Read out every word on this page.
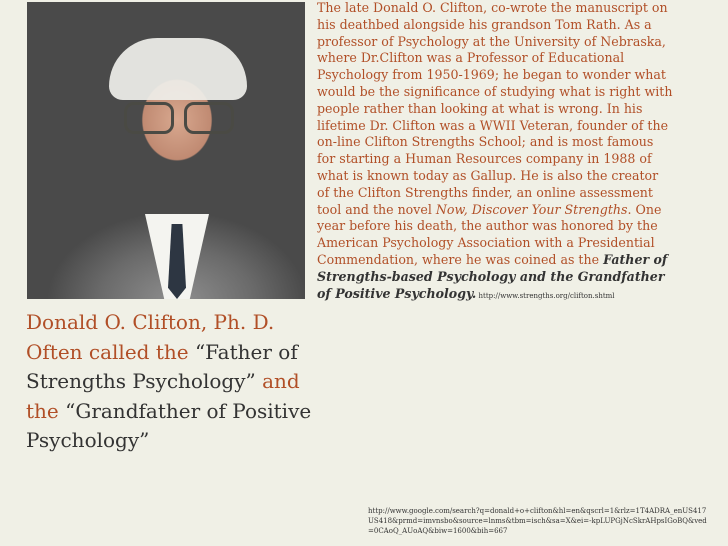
The late Donald O. Clifton, co-wrote the manuscript on his deathbed alongside his grandson Tom Rath. As a professor of Psychology at the University of Nebraska, where Dr.Clifton was a Professor of Educational Psychology from 1950-1969; he began to wonder what would be the significance of studying what is right with people rather than looking at what is wrong. In his lifetime Dr. Clifton was a WWII Veteran, founder of the on-line Clifton Strengths School; and is most famous for starting a Human Resources company in 1988 of what is known today as Gallup. He is also the creator of the Clifton Strengths finder, an online assessment tool and the novel Now, Discover Your Strengths. One year before his death, the author was honored by the American Psychology Association with a Presidential Commendation, where he was coined as the Father of Strengths-based Psychology and the Grandfather of Positive Psychology. http://www.strengths.org/clifton.shtml
Donald O. Clifton, Ph. D.
Often called the “Father of Strengths Psychology” and the “Grandfather of Positive Psychology”
http://www.google.com/search?q=donald+o+clifton&hl=en&qscrl=1&rlz=1T4ADRA_enUS417US418&prmd=imvnsbo&source=lnms&tbm=isch&sa=X&ei=-kpLUPGjNcSkrAHpsIGoBQ&ved=0CAoQ_AUoAQ&biw=1600&bih=667
